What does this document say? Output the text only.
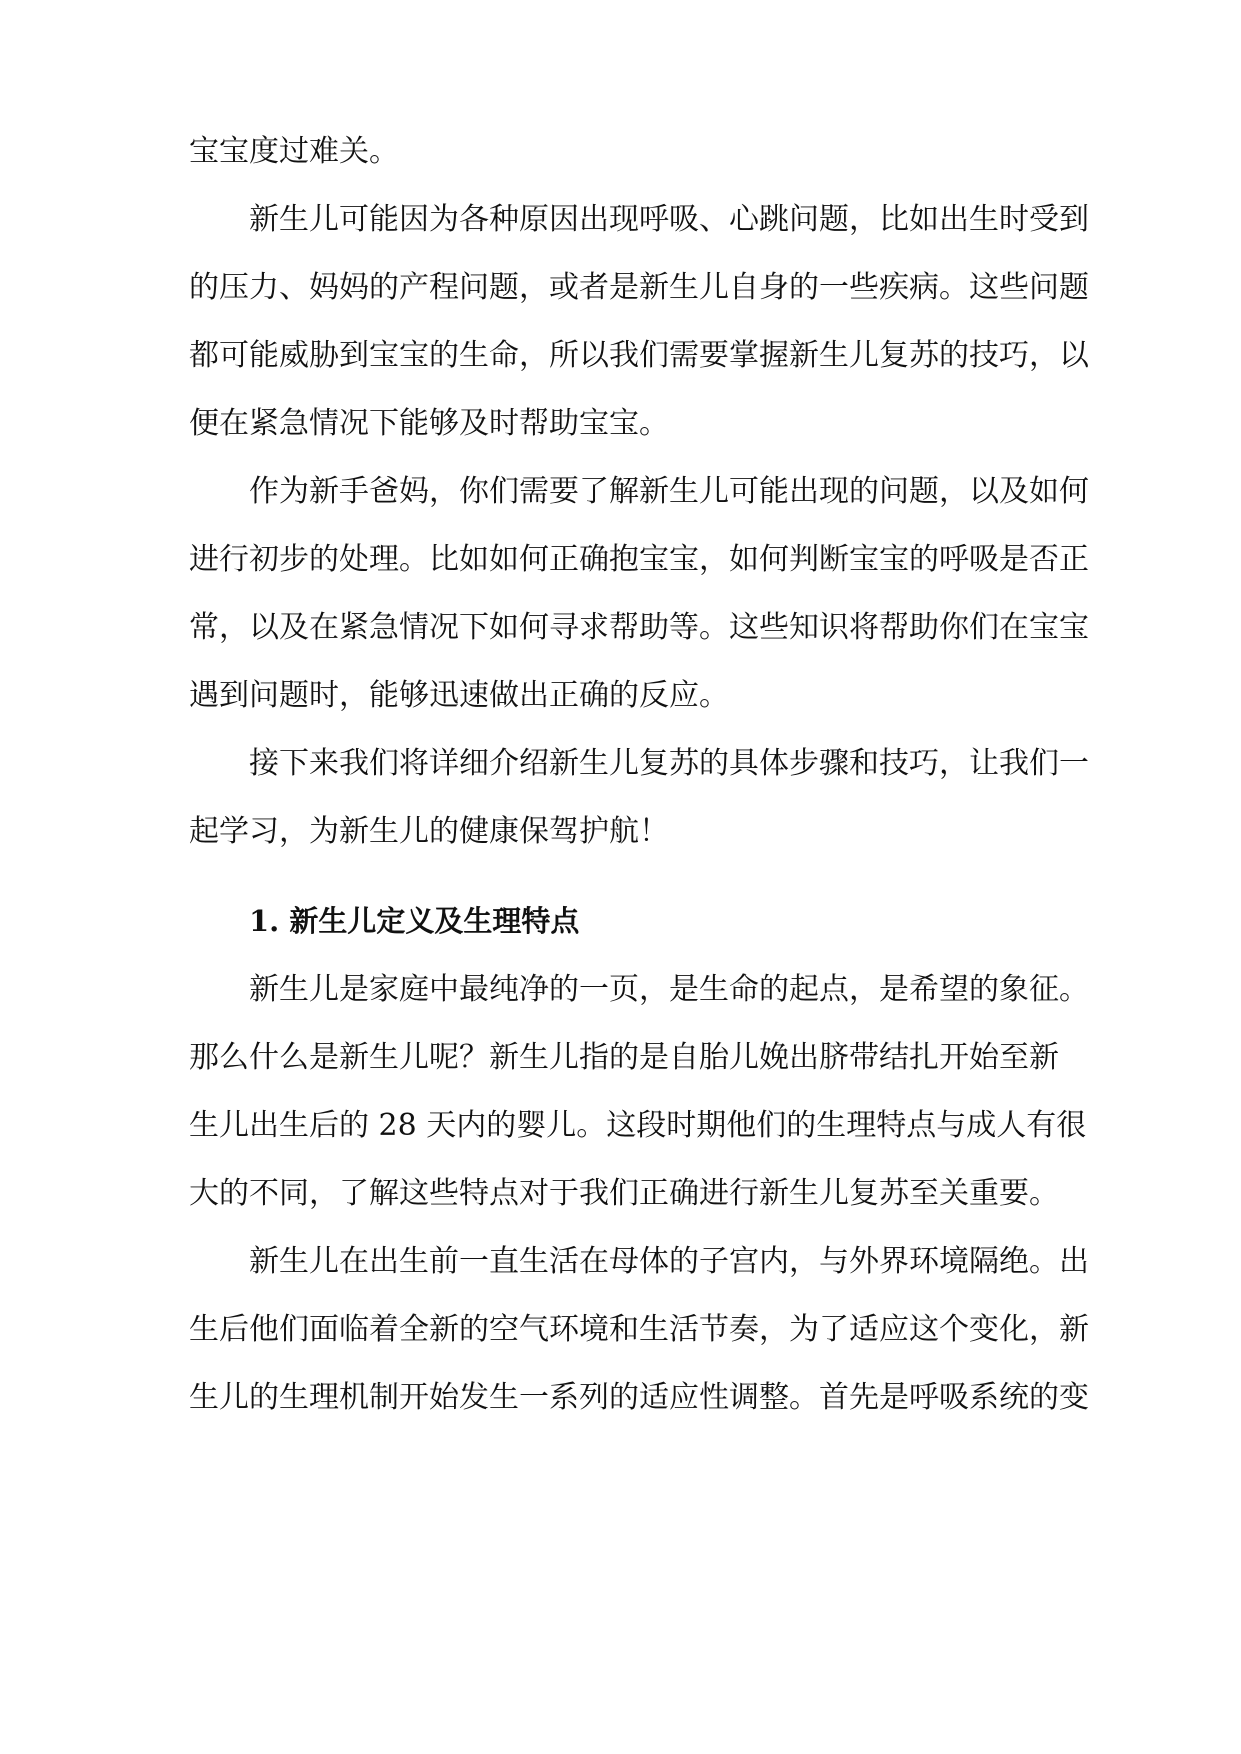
宝宝度过难关。
新生儿可能因为各种原因出现呼吸、心跳问题，比如出生时受到
的压力、妈妈的产程问题，或者是新生儿自身的一些疾病。这些问题
都可能威胁到宝宝的生命，所以我们需要掌握新生儿复苏的技巧，以
便在紧急情况下能够及时帮助宝宝。
作为新手爸妈，你们需要了解新生儿可能出现的问题，以及如何
进行初步的处理。比如如何正确抱宝宝，如何判断宝宝的呼吸是否正
常，以及在紧急情况下如何寻求帮助等。这些知识将帮助你们在宝宝
遇到问题时，能够迅速做出正确的反应。
接下来我们将详细介绍新生儿复苏的具体步骤和技巧，让我们一
起学习，为新生儿的健康保驾护航！
1. 新生儿定义及生理特点
新生儿是家庭中最纯净的一页，是生命的起点，是希望的象征。
那么什么是新生儿呢？新生儿指的是自胎儿娩出脐带结扎开始至新
生儿出生后的 28 天内的婴儿。这段时期他们的生理特点与成人有很
大的不同，了解这些特点对于我们正确进行新生儿复苏至关重要。
新生儿在出生前一直生活在母体的子宫内，与外界环境隔绝。出
生后他们面临着全新的空气环境和生活节奏，为了适应这个变化，新
生儿的生理机制开始发生一系列的适应性调整。首先是呼吸系统的变
